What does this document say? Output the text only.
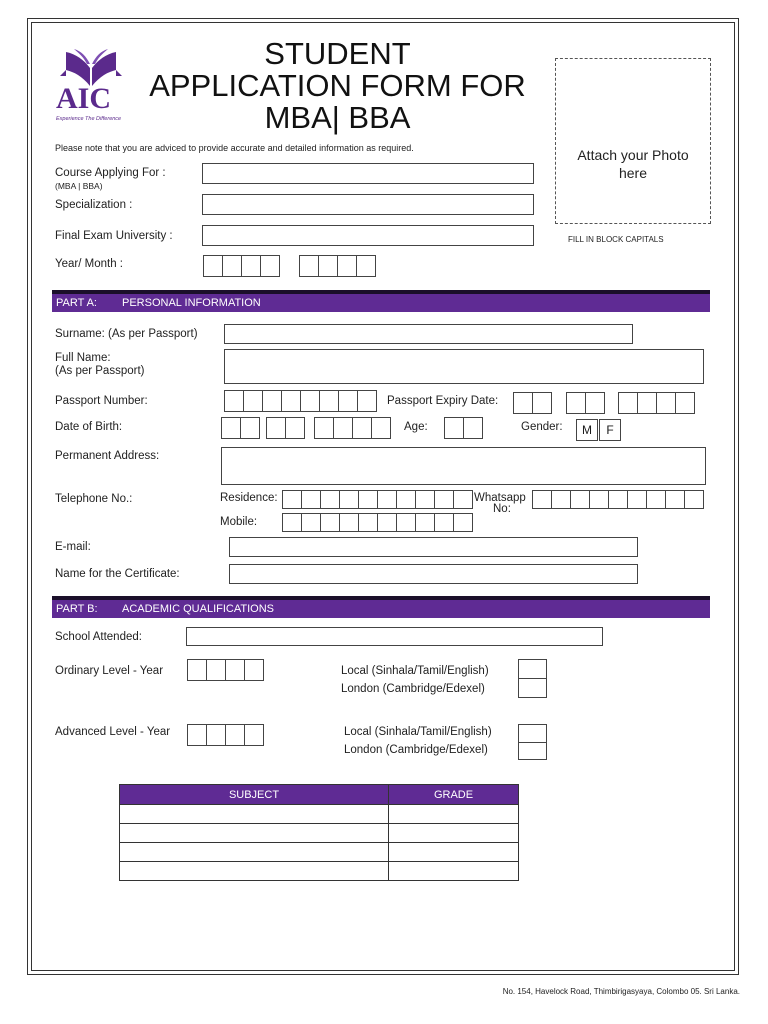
AIC
Experience The Difference
STUDENT
APPLICATION FORM FOR
MBA| BBA
Please note that you are adviced to provide accurate and detailed information as required.	Attach your Photo
here
FILL IN BLOCK CAPITALS
Course Applying For :
(MBA | BBA)
Specialization :
Final Exam University :
Year/ Month :
PART A: PERSONAL INFORMATION
Surname: (As per Passport)
Full Name:
(As per Passport)
Passport Number:	Passport Expiry Date:
Date of Birth:	Age:	Gender:	M	F
Permanent Address:
Telephone No.:	Residence:	Whatsapp
No:
Mobile:
E-mail:
Name for the Certificate:
PART B: ACADEMIC QUALIFICATIONS
School Attended:
Ordinary Level - Year	Local (Sinhala/Tamil/English)
London (Cambridge/Edexel)
Advanced Level - Year	Local (Sinhala/Tamil/English)
London (Cambridge/Edexel)
SUBJECT	GRADE

No. 154, Havelock Road, Thimbirigasyaya, Colombo 05. Sri Lanka.
